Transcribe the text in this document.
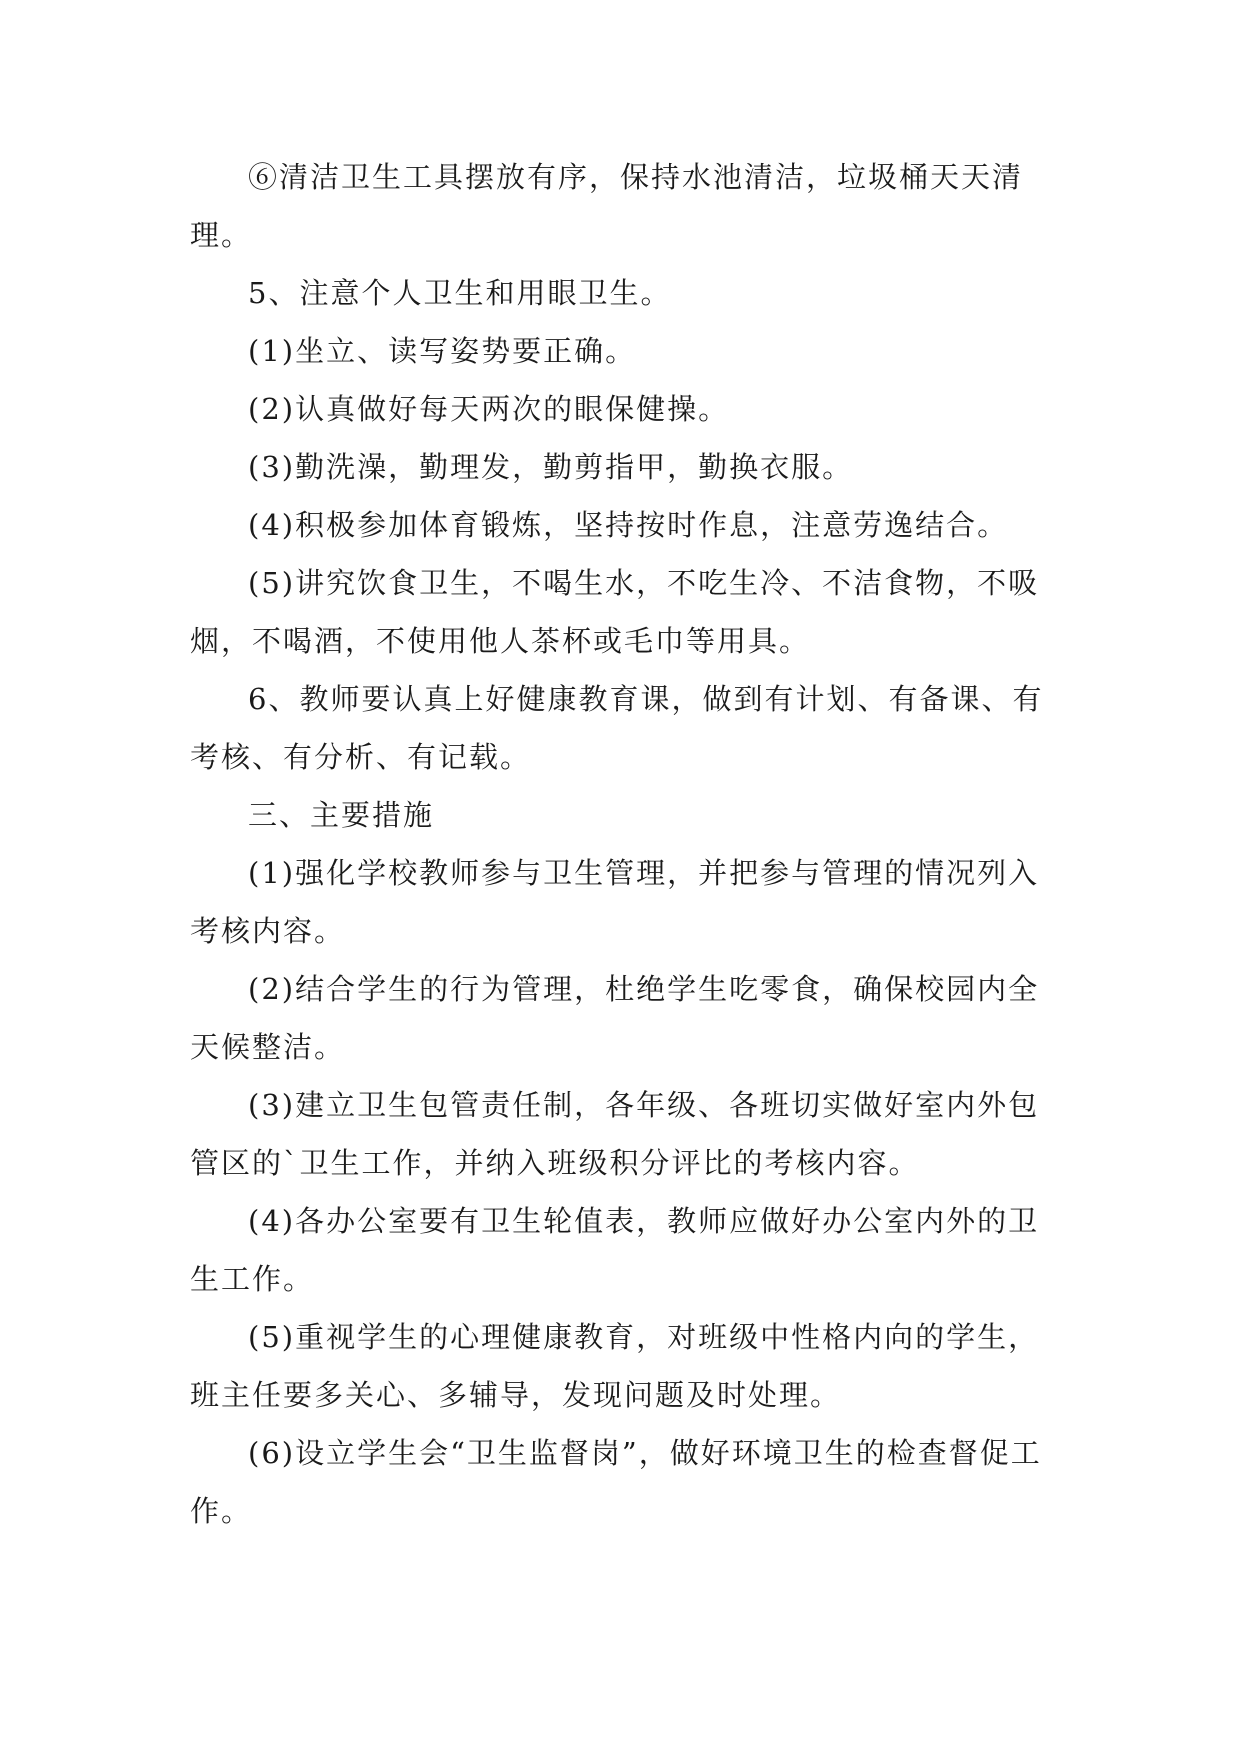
⑥清洁卫生工具摆放有序，保持水池清洁，垃圾桶天天清理。

5、注意个人卫生和用眼卫生。

(1)坐立、读写姿势要正确。

(2)认真做好每天两次的眼保健操。

(3)勤洗澡，勤理发，勤剪指甲，勤换衣服。

(4)积极参加体育锻炼，坚持按时作息，注意劳逸结合。

(5)讲究饮食卫生，不喝生水，不吃生冷、不洁食物，不吸烟，不喝酒，不使用他人茶杯或毛巾等用具。

6、教师要认真上好健康教育课，做到有计划、有备课、有考核、有分析、有记载。

三、主要措施

(1)强化学校教师参与卫生管理，并把参与管理的情况列入考核内容。

(2)结合学生的行为管理，杜绝学生吃零食，确保校园内全天候整洁。

(3)建立卫生包管责任制，各年级、各班切实做好室内外包管区的`卫生工作，并纳入班级积分评比的考核内容。

(4)各办公室要有卫生轮值表，教师应做好办公室内外的卫生工作。

(5)重视学生的心理健康教育，对班级中性格内向的学生，班主任要多关心、多辅导，发现问题及时处理。

(6)设立学生会“卫生监督岗”，做好环境卫生的检查督促工作。
